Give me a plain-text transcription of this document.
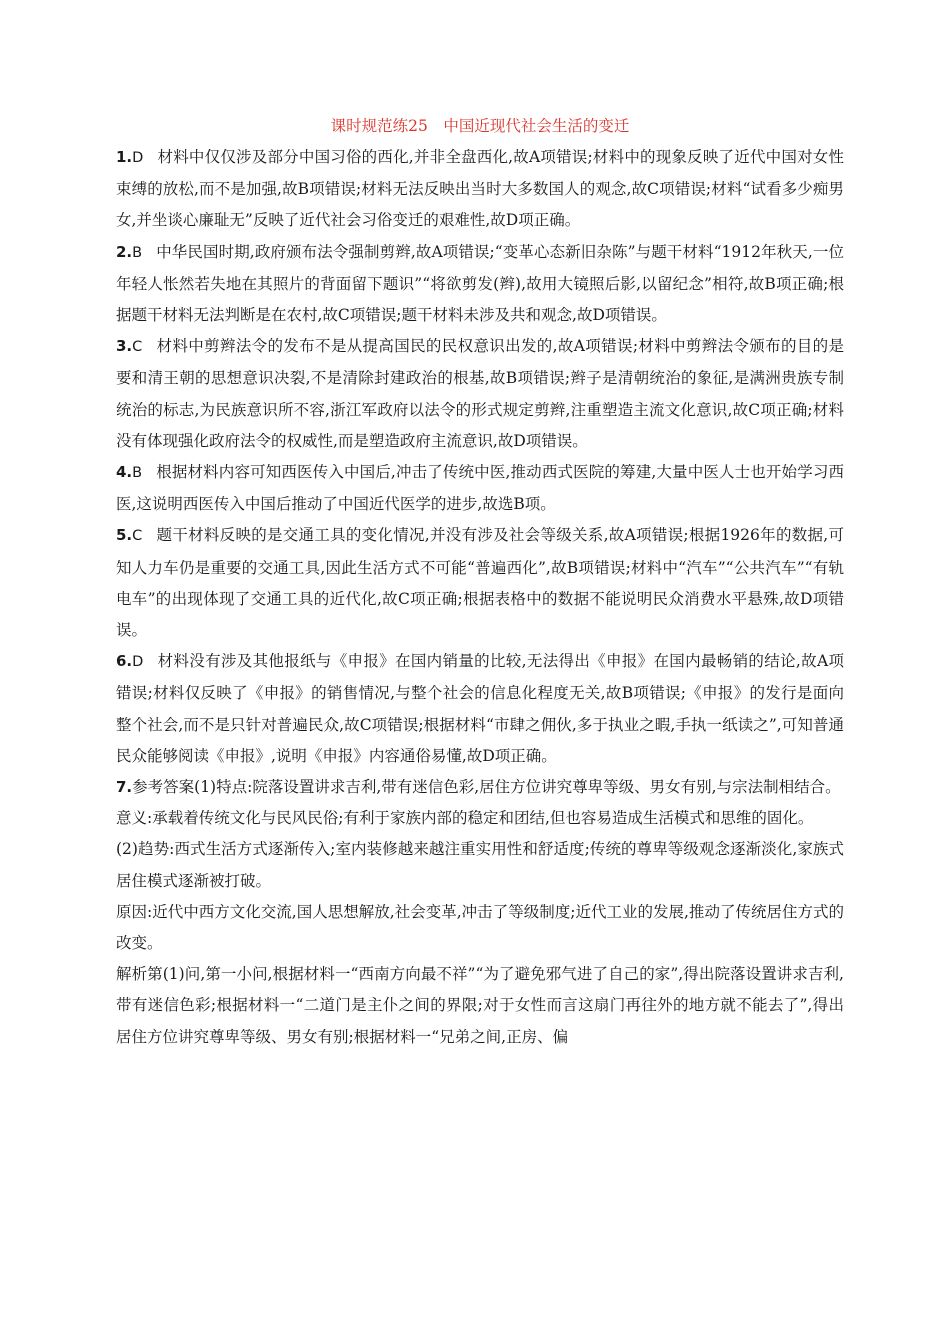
课时规范练25　中国近现代社会生活的变迁

1.D 材料中仅仅涉及部分中国习俗的西化,并非全盘西化,故A项错误;材料中的现象反映了近代中国对女性束缚的放松,而不是加强,故B项错误;材料无法反映出当时大多数国人的观念,故C项错误;材料“试看多少痴男女,并坐谈心廉耻无”反映了近代社会习俗变迁的艰难性,故D项正确。

2.B 中华民国时期,政府颁布法令强制剪辫,故A项错误;“变革心态新旧杂陈”与题干材料“1912年秋天,一位年轻人怅然若失地在其照片的背面留下题识”“将欲剪发(辫),故用大镜照后影,以留纪念”相符,故B项正确;根据题干材料无法判断是在农村,故C项错误;题干材料未涉及共和观念,故D项错误。

3.C 材料中剪辫法令的发布不是从提高国民的民权意识出发的,故A项错误;材料中剪辫法令颁布的目的是要和清王朝的思想意识决裂,不是清除封建政治的根基,故B项错误;辫子是清朝统治的象征,是满洲贵族专制统治的标志,为民族意识所不容,浙江军政府以法令的形式规定剪辫,注重塑造主流文化意识,故C项正确;材料没有体现强化政府法令的权威性,而是塑造政府主流意识,故D项错误。

4.B 根据材料内容可知西医传入中国后,冲击了传统中医,推动西式医院的筹建,大量中医人士也开始学习西医,这说明西医传入中国后推动了中国近代医学的进步,故选B项。

5.C 题干材料反映的是交通工具的变化情况,并没有涉及社会等级关系,故A项错误;根据1926年的数据,可知人力车仍是重要的交通工具,因此生活方式不可能“普遍西化”,故B项错误;材料中“汽车”“公共汽车”“有轨电车”的出现体现了交通工具的近代化,故C项正确;根据表格中的数据不能说明民众消费水平悬殊,故D项错误。

6.D 材料没有涉及其他报纸与《申报》在国内销量的比较,无法得出《申报》在国内最畅销的结论,故A项错误;材料仅反映了《申报》的销售情况,与整个社会的信息化程度无关,故B项错误;《申报》的发行是面向整个社会,而不是只针对普遍民众,故C项错误;根据材料“市肆之佣伙,多于执业之暇,手执一纸读之”,可知普通民众能够阅读《申报》,说明《申报》内容通俗易懂,故D项正确。

7.参考答案(1)特点:院落设置讲求吉利,带有迷信色彩,居住方位讲究尊卑等级、男女有别,与宗法制相结合。

意义:承载着传统文化与民风民俗;有利于家族内部的稳定和团结,但也容易造成生活模式和思维的固化。

(2)趋势:西式生活方式逐渐传入;室内装修越来越注重实用性和舒适度;传统的尊卑等级观念逐渐淡化,家族式居住模式逐渐被打破。

原因:近代中西方文化交流,国人思想解放,社会变革,冲击了等级制度;近代工业的发展,推动了传统居住方式的改变。

解析第(1)问,第一小问,根据材料一“西南方向最不祥”“为了避免邪气进了自己的家”,得出院落设置讲求吉利,带有迷信色彩;根据材料一“二道门是主仆之间的界限;对于女性而言这扇门再往外的地方就不能去了”,得出居住方位讲究尊卑等级、男女有别;根据材料一“兄弟之间,正房、偏
